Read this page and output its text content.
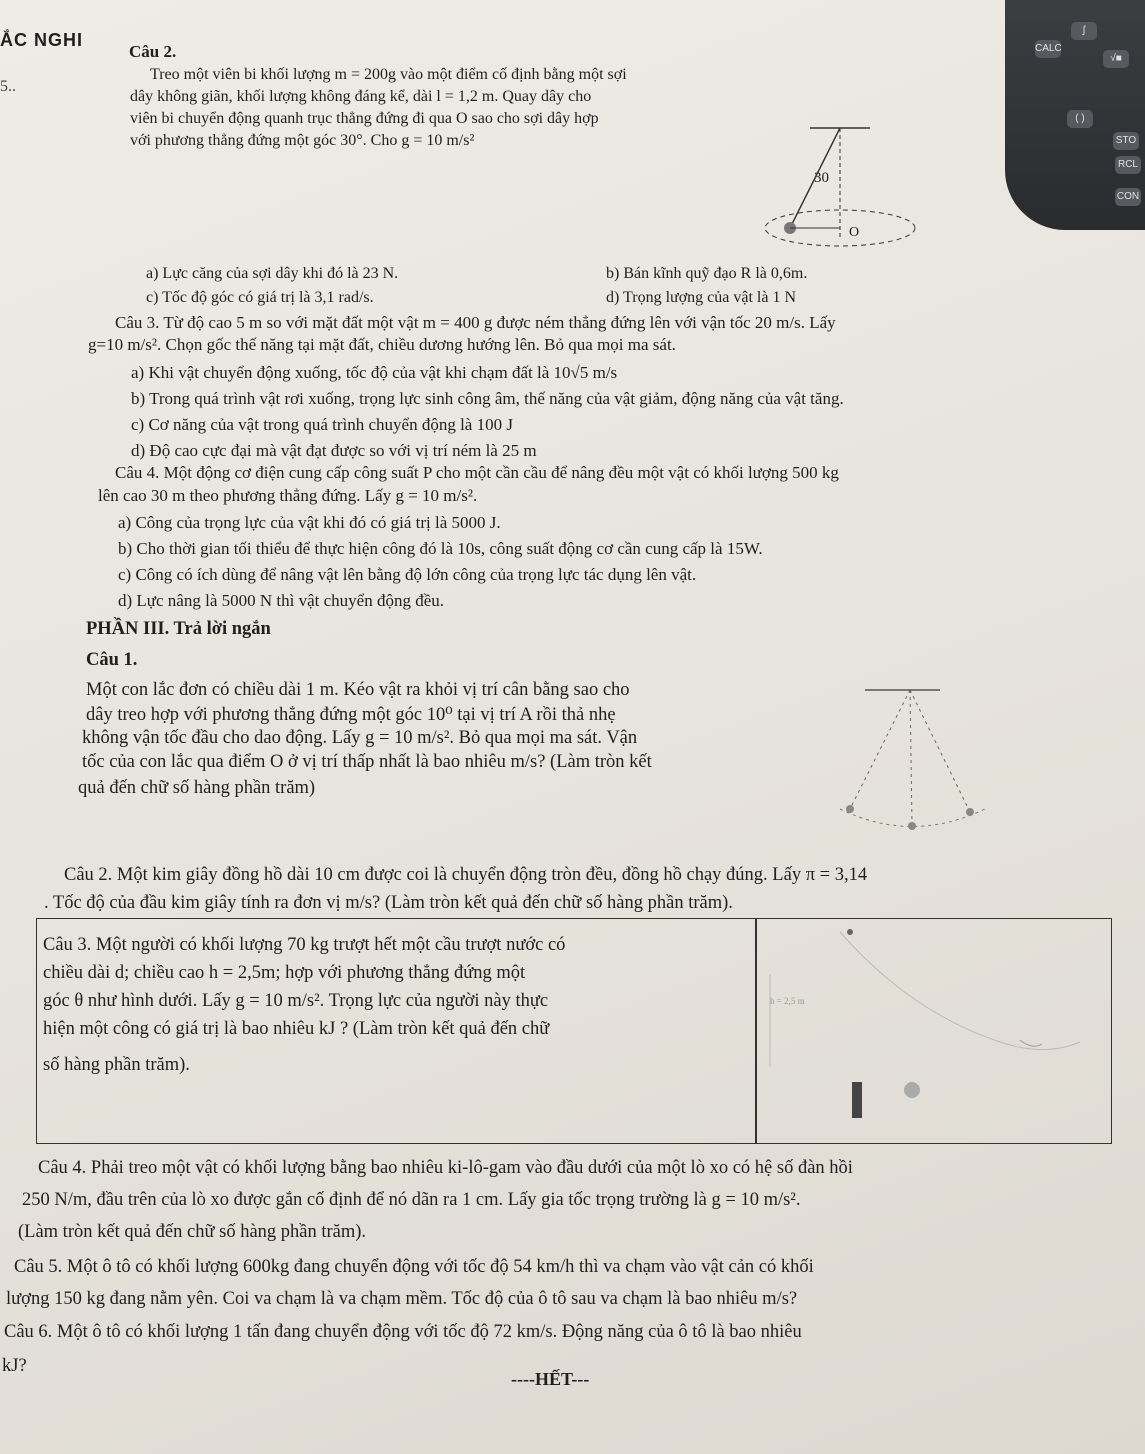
CALC
∫
√■
( )
STO
RCL
CON
ẮC NGHI
5..
Câu 2.
Treo một viên bi khối lượng m = 200g vào một điểm cố định bằng một sợi
dây không giãn, khối lượng không đáng kể, dài l = 1,2 m. Quay dây cho
viên bi chuyển động quanh trục thẳng đứng đi qua O sao cho sợi dây hợp
với phương thẳng đứng một góc 30°. Cho g = 10 m/s²
30
O
a) Lực căng của sợi dây khi đó là 23 N.	b) Bán kĩnh quỹ đạo R là 0,6m.
c) Tốc độ góc có giá trị là 3,1 rad/s.	d) Trọng lượng của vật là 1 N
Câu 3. Từ độ cao 5 m so với mặt đất một vật m = 400 g được ném thẳng đứng lên với vận tốc 20 m/s. Lấy
g=10 m/s². Chọn gốc thế năng tại mặt đất, chiều dương hướng lên. Bỏ qua mọi ma sát.
a) Khi vật chuyển động xuống, tốc độ của vật khi chạm đất là 10√5 m/s
b) Trong quá trình vật rơi xuống, trọng lực sinh công âm, thế năng của vật giảm, động năng của vật tăng.
c) Cơ năng của vật trong quá trình chuyển động là 100 J
d) Độ cao cực đại mà vật đạt được so với vị trí ném là 25 m
Câu 4. Một động cơ điện cung cấp công suất P cho một cần cầu để nâng đều một vật có khối lượng 500 kg
lên cao 30 m theo phương thẳng đứng. Lấy g = 10 m/s².
a) Công của trọng lực của vật khi đó có giá trị là 5000 J.
b) Cho thời gian tối thiểu để thực hiện công đó là 10s, công suất động cơ cần cung cấp là 15W.
c) Công có ích dùng để nâng vật lên bằng độ lớn công của trọng lực tác dụng lên vật.
d) Lực nâng là 5000 N thì vật chuyển động đều.
PHẦN III. Trả lời ngắn
Câu 1.
Một con lắc đơn có chiều dài 1 m. Kéo vật ra khỏi vị trí cân bằng sao cho
dây treo hợp với phương thẳng đứng một góc 10⁰ tại vị trí A rồi thả nhẹ
không vận tốc đầu cho dao động. Lấy g = 10 m/s². Bỏ qua mọi ma sát. Vận
tốc của con lắc qua điểm O ở vị trí thấp nhất là bao nhiêu m/s? (Làm tròn kết
quả đến chữ số hàng phần trăm)
Câu 2. Một kim giây đồng hồ dài 10 cm được coi là chuyển động tròn đều, đồng hồ chạy đúng. Lấy π = 3,14
. Tốc độ của đầu kim giây tính ra đơn vị m/s? (Làm tròn kết quả đến chữ số hàng phần trăm).
Câu 3. Một người có khối lượng 70 kg trượt hết một cầu trượt nước có
chiều dài d; chiều cao h = 2,5m; hợp với phương thẳng đứng một
góc θ như hình dưới. Lấy g = 10 m/s². Trọng lực của người này thực
hiện một công có giá trị là bao nhiêu kJ ? (Làm tròn kết quả đến chữ
số hàng phần trăm).
h = 2,5 m
Câu 4. Phải treo một vật có khối lượng bằng bao nhiêu ki-lô-gam vào đầu dưới của một lò xo có hệ số đàn hồi
250 N/m, đầu trên của lò xo được gắn cố định để nó dãn ra 1 cm. Lấy gia tốc trọng trường là g = 10 m/s².
(Làm tròn kết quả đến chữ số hàng phần trăm).
Câu 5. Một ô tô có khối lượng 600kg đang chuyển động với tốc độ 54 km/h thì va chạm vào vật cản có khối
lượng 150 kg đang nằm yên. Coi va chạm là va chạm mềm. Tốc độ của ô tô sau va chạm là bao nhiêu m/s?
Câu 6. Một ô tô có khối lượng 1 tấn đang chuyển động với tốc độ 72 km/s. Động năng của ô tô là bao nhiêu
kJ?
----HẾT---
